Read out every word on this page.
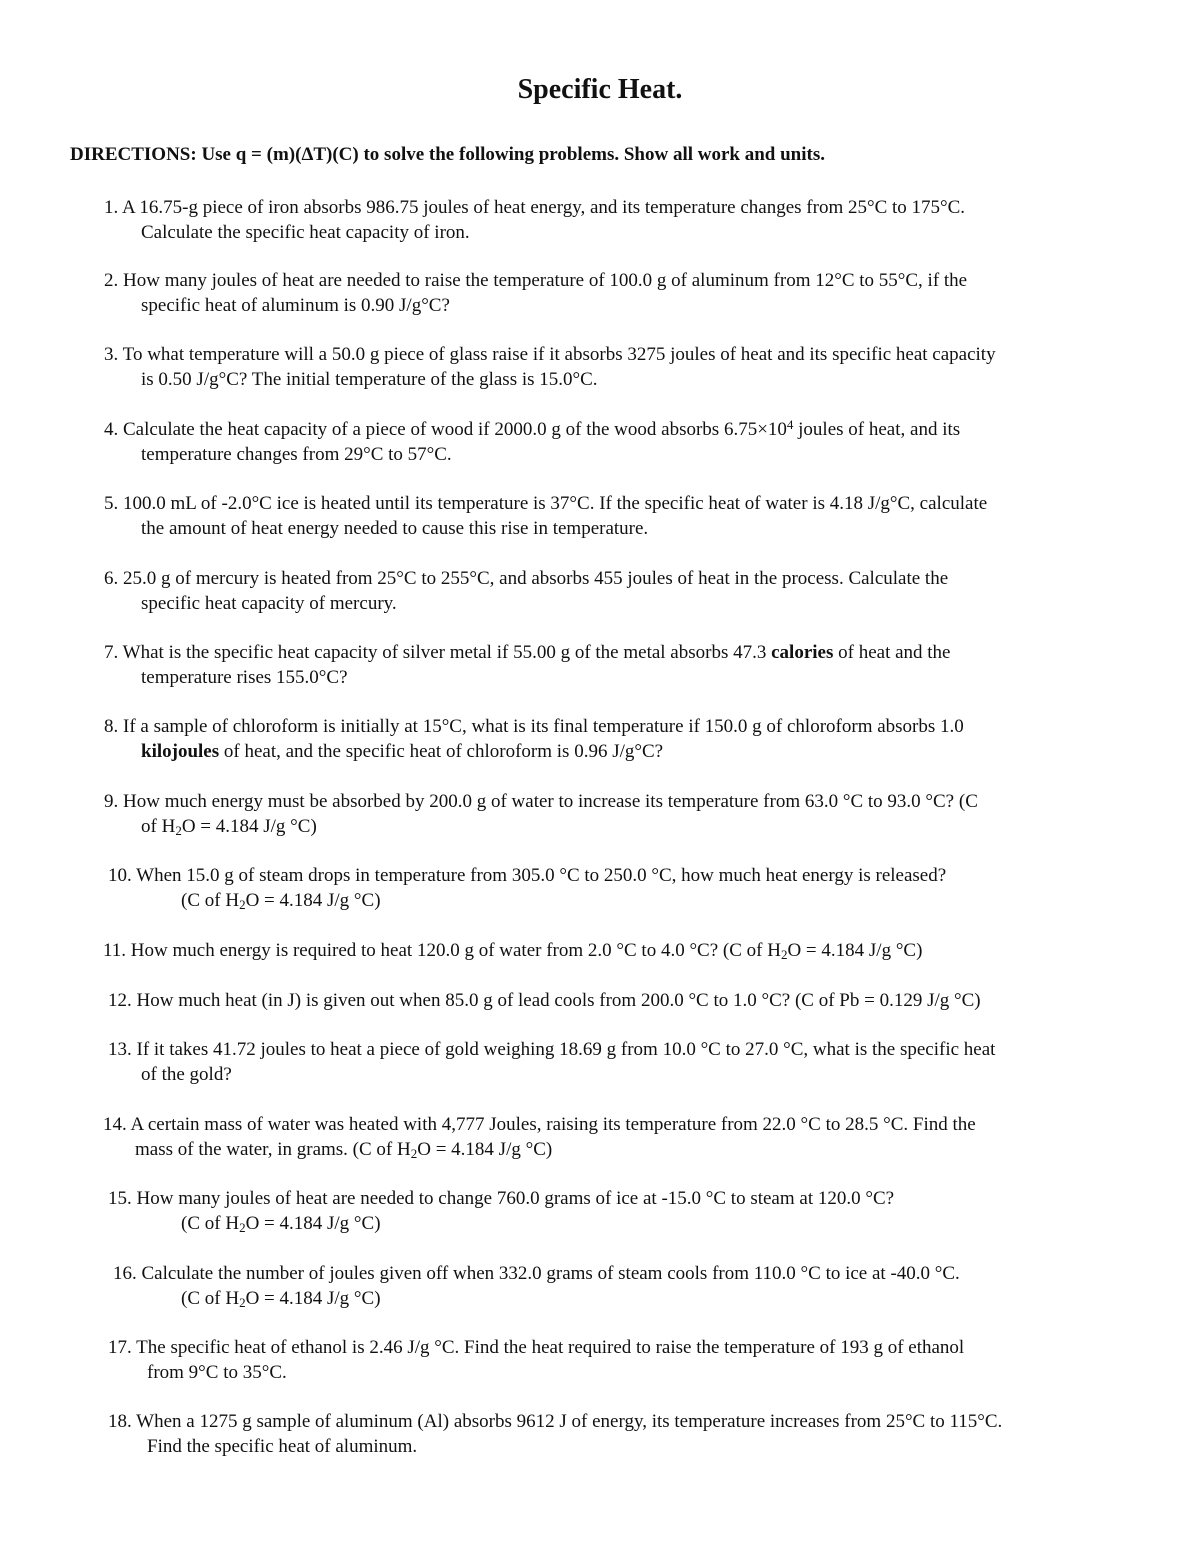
Specific Heat.

DIRECTIONS: Use q = (m)(ΔT)(C) to solve the following problems. Show all work and units.

1. A 16.75-g piece of iron absorbs 986.75 joules of heat energy, and its temperature changes from 25°C to 175°C.
Calculate the specific heat capacity of iron.

2. How many joules of heat are needed to raise the temperature of 100.0 g of aluminum from 12°C to 55°C, if the
specific heat of aluminum is 0.90 J/g°C?

3. To what temperature will a 50.0 g piece of glass raise if it absorbs 3275 joules of heat and its specific heat capacity
is 0.50 J/g°C? The initial temperature of the glass is 15.0°C.

4. Calculate the heat capacity of a piece of wood if 2000.0 g of the wood absorbs $6.75\times 10^4$ joules of heat, and its
temperature changes from 29°C to 57°C.

5. 100.0 mL of -2.0°C ice is heated until its temperature is 37°C. If the specific heat of water is 4.18 J/g°C, calculate
the amount of heat energy needed to cause this rise in temperature.

6. 25.0 g of mercury is heated from 25°C to 255°C, and absorbs 455 joules of heat in the process. Calculate the
specific heat capacity of mercury.

7. What is the specific heat capacity of silver metal if 55.00 g of the metal absorbs 47.3 calories of heat and the
temperature rises 155.0°C?

8. If a sample of chloroform is initially at 15°C, what is its final temperature if 150.0 g of chloroform absorbs 1.0
kilojoules of heat, and the specific heat of chloroform is 0.96 J/g°C?

9. How much energy must be absorbed by 200.0 g of water to increase its temperature from 63.0 °C to 93.0 °C? (C
of $H_2O = 4.184$ J/g °C)

10. When 15.0 g of steam drops in temperature from 305.0 °C to 250.0 °C, how much heat energy is released?
(C of $H_2O = 4.184$ J/g °C)

11. How much energy is required to heat 120.0 g of water from 2.0 °C to 4.0 °C? (C of $H_2O = 4.184$ J/g °C)

12. How much heat (in J) is given out when 85.0 g of lead cools from 200.0 °C to 1.0 °C? (C of Pb = 0.129 J/g °C)

13. If it takes 41.72 joules to heat a piece of gold weighing 18.69 g from 10.0 °C to 27.0 °C, what is the specific heat
of the gold?

14. A certain mass of water was heated with 4,777 Joules, raising its temperature from 22.0 °C to 28.5 °C. Find the
mass of the water, in grams. (C of $H_2O = 4.184$ J/g °C)

15. How many joules of heat are needed to change 760.0 grams of ice at -15.0 °C to steam at 120.0 °C?
(C of $H_2O = 4.184$ J/g °C)

16. Calculate the number of joules given off when 332.0 grams of steam cools from 110.0 °C to ice at -40.0 °C.
(C of $H_2O = 4.184$ J/g °C)

17. The specific heat of ethanol is 2.46 J/g °C. Find the heat required to raise the temperature of 193 g of ethanol
from 9°C to 35°C.

18. When a 1275 g sample of aluminum (Al) absorbs 9612 J of energy, its temperature increases from 25°C to 115°C.
Find the specific heat of aluminum.
